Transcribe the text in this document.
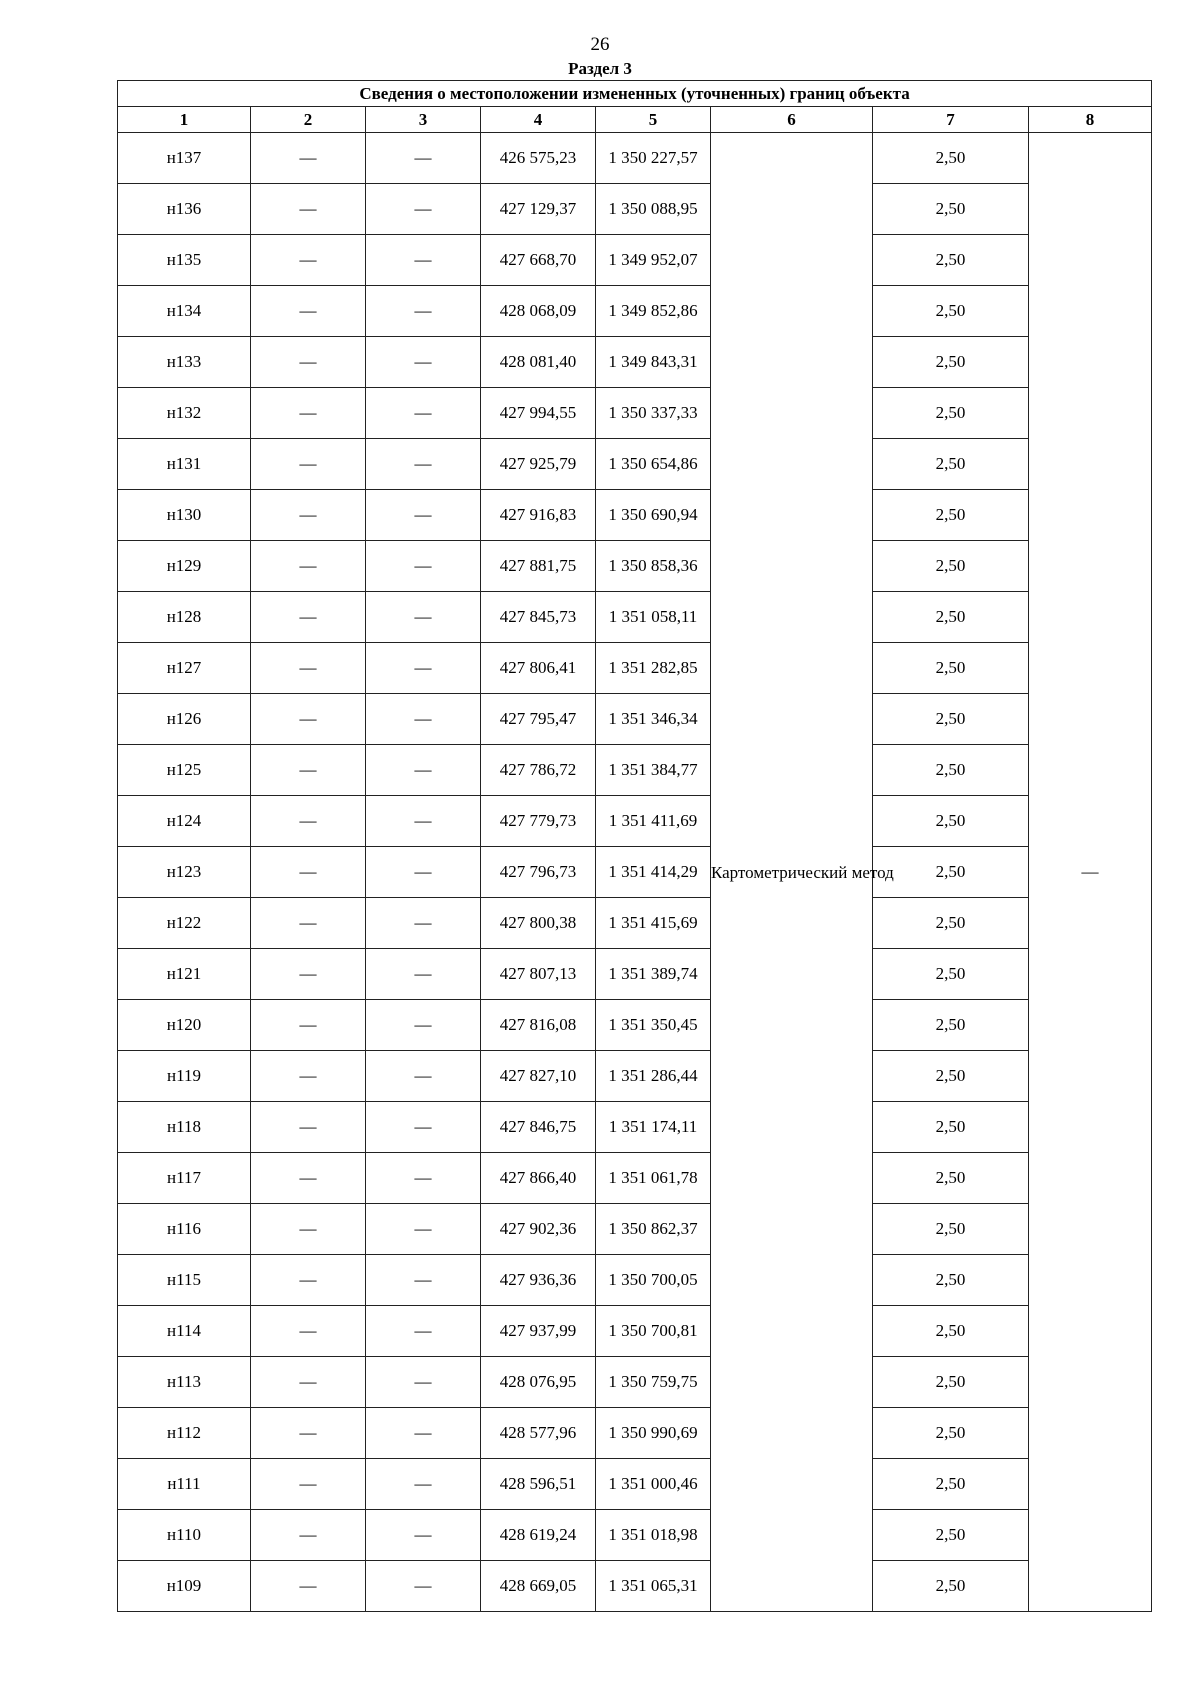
26
Раздел 3
Сведения о местоположении измененных (уточненных) границ объекта							
1	2	3	4	5	6	7	8
н137	—	—	426 575,23	1 350 227,57	Картометрический метод	2,50	—
н136	—	—	427 129,37	1 350 088,95		2,50	
н135	—	—	427 668,70	1 349 952,07		2,50	
н134	—	—	428 068,09	1 349 852,86		2,50	
н133	—	—	428 081,40	1 349 843,31		2,50	
н132	—	—	427 994,55	1 350 337,33		2,50	
н131	—	—	427 925,79	1 350 654,86		2,50	
н130	—	—	427 916,83	1 350 690,94		2,50	
н129	—	—	427 881,75	1 350 858,36		2,50	
н128	—	—	427 845,73	1 351 058,11		2,50	
н127	—	—	427 806,41	1 351 282,85		2,50	
н126	—	—	427 795,47	1 351 346,34		2,50	
н125	—	—	427 786,72	1 351 384,77		2,50	
н124	—	—	427 779,73	1 351 411,69		2,50	
н123	—	—	427 796,73	1 351 414,29		2,50	
н122	—	—	427 800,38	1 351 415,69		2,50	
н121	—	—	427 807,13	1 351 389,74		2,50	
н120	—	—	427 816,08	1 351 350,45		2,50	
н119	—	—	427 827,10	1 351 286,44		2,50	
н118	—	—	427 846,75	1 351 174,11		2,50	
н117	—	—	427 866,40	1 351 061,78		2,50	
н116	—	—	427 902,36	1 350 862,37		2,50	
н115	—	—	427 936,36	1 350 700,05		2,50	
н114	—	—	427 937,99	1 350 700,81		2,50	
н113	—	—	428 076,95	1 350 759,75		2,50	
н112	—	—	428 577,96	1 350 990,69		2,50	
н111	—	—	428 596,51	1 351 000,46		2,50	
н110	—	—	428 619,24	1 351 018,98		2,50	
н109	—	—	428 669,05	1 351 065,31		2,50	
